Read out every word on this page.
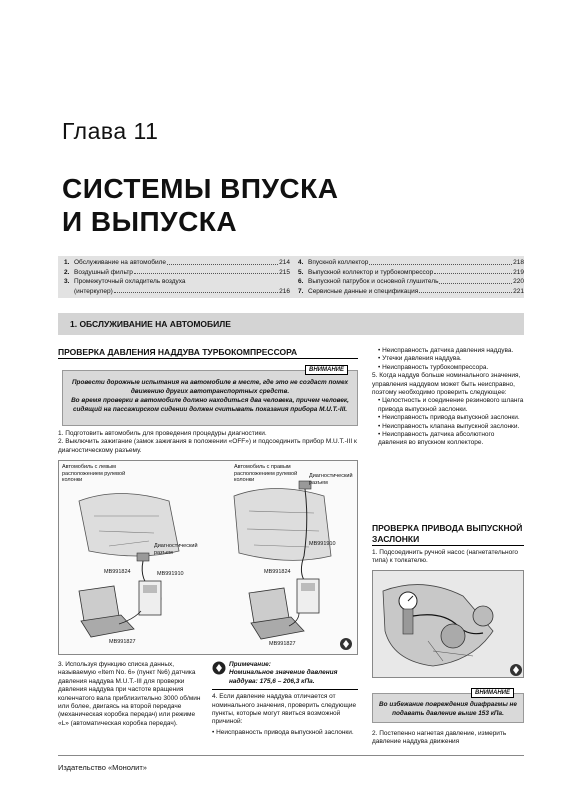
Глава 11
СИСТЕМЫ ВПУСКА
И ВЫПУСКА
1. Обслуживание на автомобиле	214
2. Воздушный фильтр	215
3. Промежуточный охладитель воздуха
(интеркулер)	216
4. Впускной коллектор	218
5. Выпускной коллектор и турбокомпрессор	219
6. Выпускной патрубок и основной глушитель	220
7. Сервисные данные и спецификация	221
1. ОБСЛУЖИВАНИЕ НА АВТОМОБИЛЕ
ПРОВЕРКА ДАВЛЕНИЯ НАДДУВА ТУРБОКОМПРЕССОРА

Провести дорожные испытания на автомобиле в месте, где это не создаст помех движению других автотранспортных средств.

Во время проверки в автомобиле должно находиться два человека, причем человек, сидящий на пассажирском сидении должен считывать показания прибора M.U.T.-III.

ВНИМАНИЕ

1. Подготовить автомобиль для проведения процедуры диагностики.

2. Выключить зажигание (замок зажигания в положении «OFF») и подсоединить прибор M.U.T.-III к диагностическому разъему.

Автомобиль с левым расположением рулевой колонки
Диагностический разъем
MB991910
MB991824
MB991827
Автомобиль с правым расположением рулевой колонки
Диагностический разъем
MB991910
MB991824
MB991827
3. Используя функцию списка данных, называемую «Item No. 6» (пункт №6) датчика давления наддува M.U.T.-III для проверки давления наддува при частоте вращения коленчатого вала приблизительно 3000 об/мин или более, двигаясь на второй передаче (механическая коробка передач) или режиме «L» (автоматическая коробка передач).

Примечание:

Номинальное значение давления наддува: 175,6 – 206,3 кПа.

4. Если давление наддува отличается от номинального значения, проверить следующие пункты, которые могут явиться возможной причиной:
• Неисправность привода выпускной заслонки.

• Неисправность датчика давления наддува.

• Утечки давления наддува.

• Неисправность турбокомпрессора.

5. Когда наддув больше номинального значения, управления наддувом может быть неисправно, поэтому необходимо проверить следующее:

• Целостность и соединение резинового шланга привода выпускной заслонки.

• Неисправность привода выпускной заслонки.

• Неисправность клапана выпускной заслонки.

• Неисправность датчика абсолютного давления во впускном коллекторе.

ПРОВЕРКА ПРИВОДА ВЫПУСКНОЙ ЗАСЛОНКИ
1. Подсоединить ручной насос (нагнетательного типа) к толкателю.
Во избежание повреждения диафрагмы не подавать давление выше 153 кПа.
ВНИМАНИЕ
2. Постепенно нагнетая давление, измерить давление наддува движения
Издательство «Монолит»
